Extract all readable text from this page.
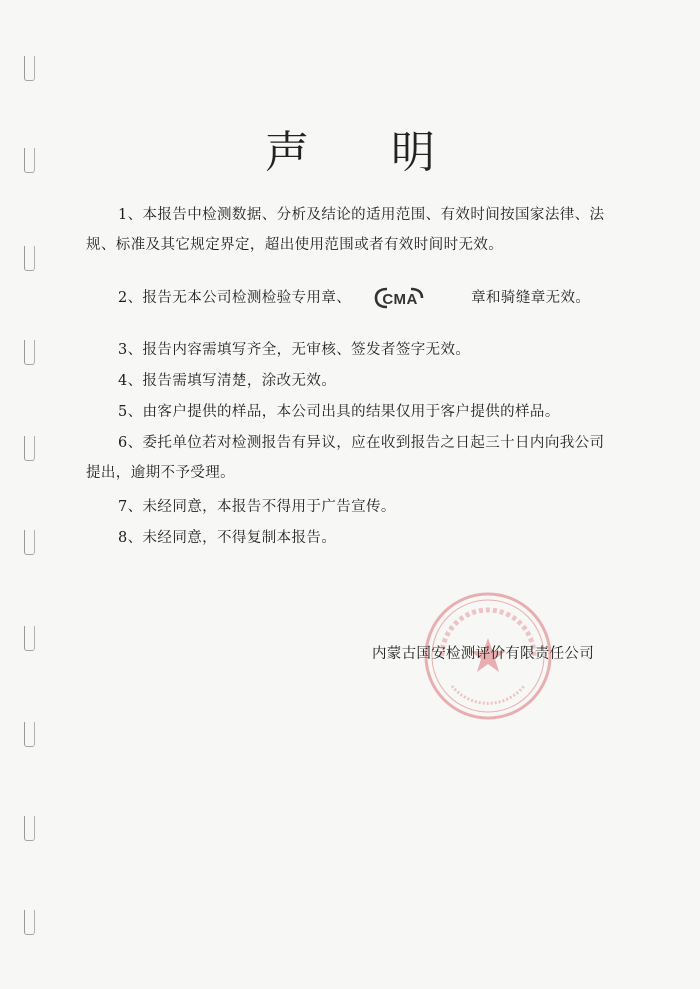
声 明

1、本报告中检测数据、分析及结论的适用范围、有效时间按国家法律、法规、标准及其它规定界定，超出使用范围或者有效时间时无效。

2、报告无本公司检测检验专用章、 CMA	章和骑缝章无效。

3、报告内容需填写齐全，无审核、签发者签字无效。

4、报告需填写清楚，涂改无效。

5、由客户提供的样品，本公司出具的结果仅用于客户提供的样品。

6、委托单位若对检测报告有异议，应在收到报告之日起三十日内向我公司提出，逾期不予受理。

7、未经同意，本报告不得用于广告宣传。

8、未经同意，不得复制本报告。

内蒙古国安检测评价有限责任公司
